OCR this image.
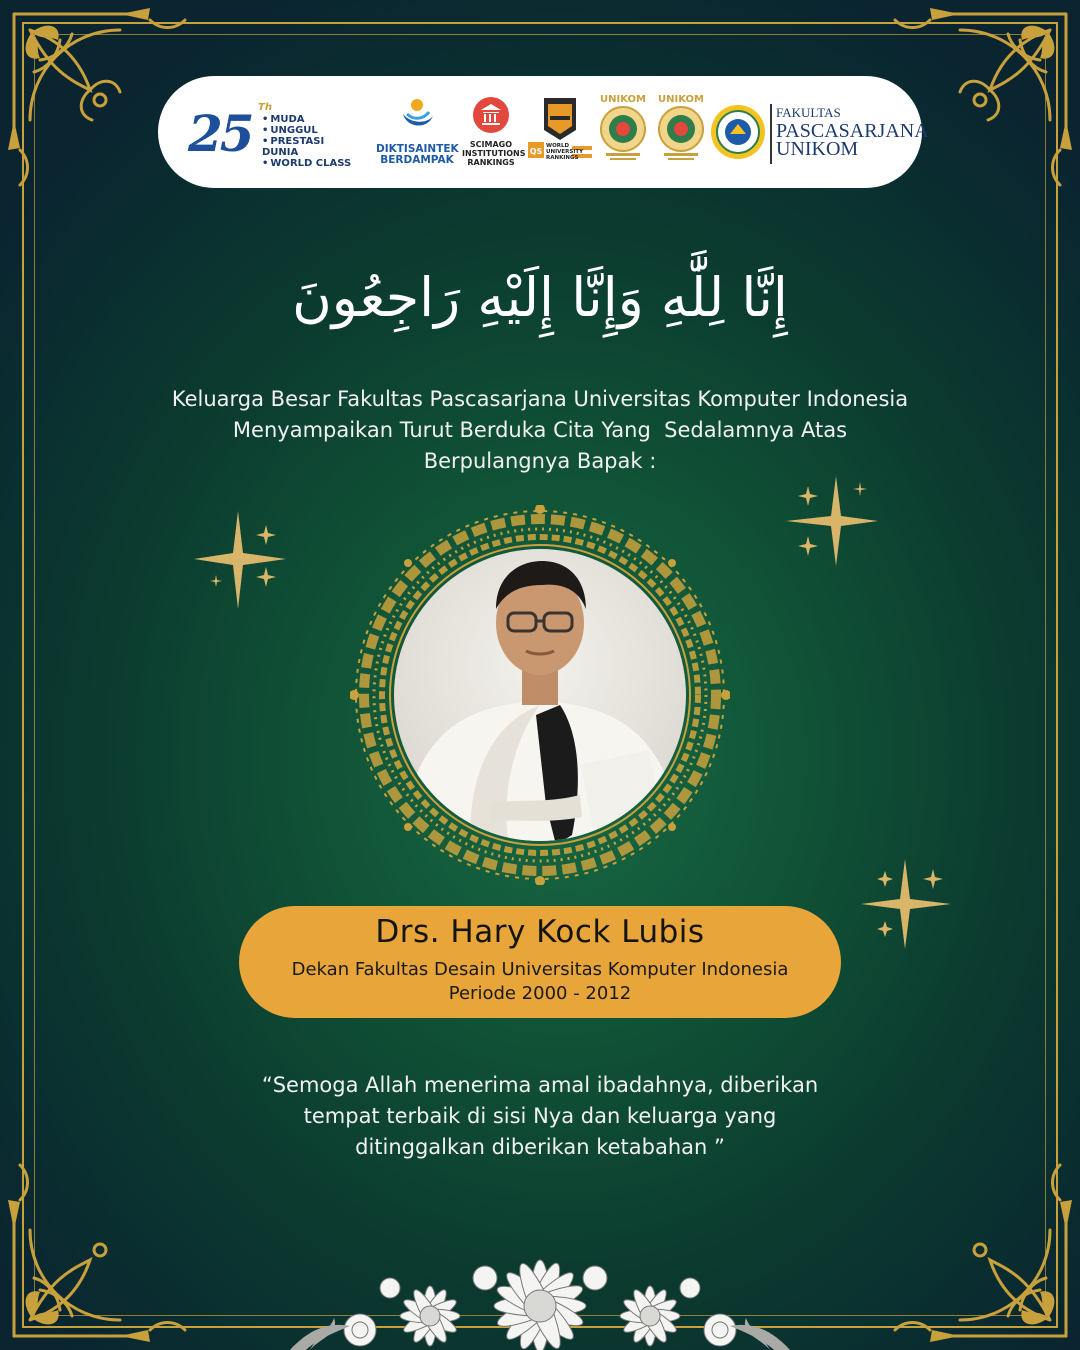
25 Th
• MUDA
• UNGGUL
• PRESTASI DUNIA
• WORLD CLASS
DIKTISAINTEK
BERDAMPAK
SCIMAGO
INSTITUTIONS
RANKINGS
QS
WORLD
UNIVERSITY
RANKINGS
UNIKOM	UNIKOM
FAKULTAS
PASCASARJANA
UNIKOM
إِنَّا لِلَّٰهِ وَإِنَّا إِلَيْهِ رَاجِعُونَ
Keluarga Besar Fakultas Pascasarjana Universitas Komputer Indonesia
Menyampaikan Turut Berduka Cita Yang  Sedalamnya Atas
Berpulangnya Bapak :
Drs. Hary Kock Lubis
Dekan Fakultas Desain Universitas Komputer Indonesia
Periode 2000 - 2012
“Semoga Allah menerima amal ibadahnya, diberikan
tempat terbaik di sisi Nya dan keluarga yang
ditinggalkan diberikan ketabahan ”
